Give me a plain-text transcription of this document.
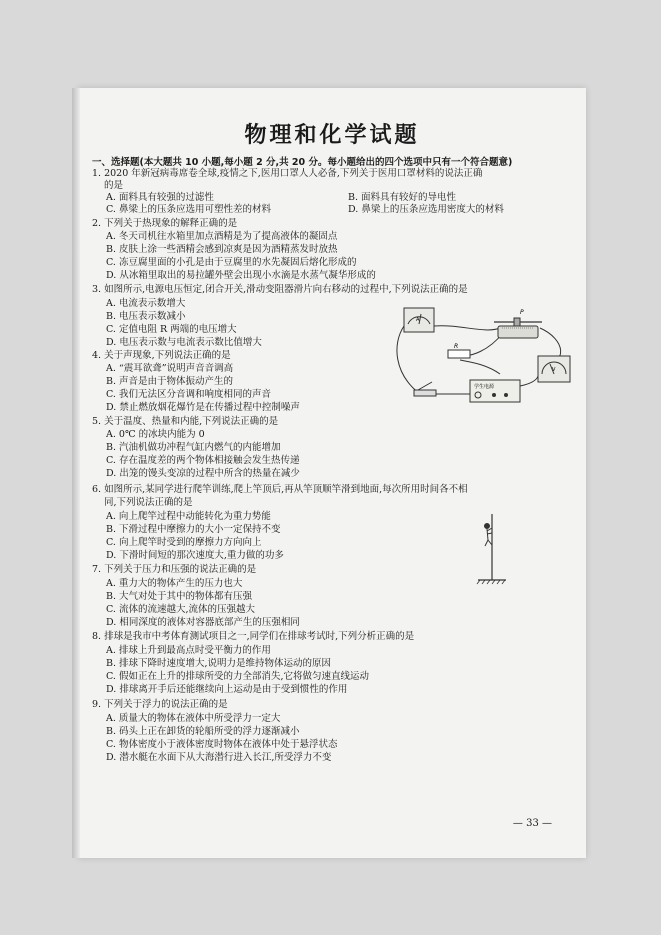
物理和化学试题
一、选择题(本大题共 10 小题,每小题 2 分,共 20 分。每小题给出的四个选项中只有一个符合题意)
1. 2020 年新冠病毒席卷全球,疫情之下,医用口罩人人必备,下列关于医用口罩材料的说法正确
的是
A. 面料具有较强的过滤性	B. 面料具有较好的导电性
C. 鼻梁上的压条应选用可塑性差的材料	D. 鼻梁上的压条应选用密度大的材料
2. 下列关于热现象的解释正确的是
A. 冬天司机往水箱里加点酒精是为了提高液体的凝固点
B. 皮肤上涂一些酒精会感到凉爽是因为酒精蒸发时放热
C. 冻豆腐里面的小孔是由于豆腐里的水先凝固后熔化形成的
D. 从冰箱里取出的易拉罐外壁会出现小水滴是水蒸气凝华形成的
3. 如图所示,电源电压恒定,闭合开关,滑动变阻器滑片向右移动的过程中,下列说法正确的是
A. 电流表示数增大
B. 电压表示数减小
C. 定值电阻 R 两端的电压增大
D. 电压表示数与电流表示数比值增大
4. 关于声现象,下列说法正确的是
A. “震耳欲聋”说明声音音调高
B. 声音是由于物体振动产生的
C. 我们无法区分音调和响度相同的声音
D. 禁止燃放烟花爆竹是在传播过程中控制噪声
5. 关于温度、热量和内能,下列说法正确的是
A. 0℃ 的冰块内能为 0
B. 汽油机做功冲程气缸内燃气的内能增加
C. 存在温度差的两个物体相接触会发生热传递
D. 出笼的馒头变凉的过程中所含的热量在减少
6. 如图所示,某同学进行爬竿训练,爬上竿顶后,再从竿顶顺竿滑到地面,每次所用时间各不相
同,下列说法正确的是
A. 向上爬竿过程中动能转化为重力势能
B. 下滑过程中摩擦力的大小一定保持不变
C. 向上爬竿时受到的摩擦力方向向上
D. 下滑时间短的那次速度大,重力做的功多
7. 下列关于压力和压强的说法正确的是
A. 重力大的物体产生的压力也大
B. 大气对处于其中的物体都有压强
C. 流体的流速越大,流体的压强越大
D. 相同深度的液体对容器底部产生的压强相同
8. 排球是我市中考体育测试项目之一,同学们在排球考试时,下列分析正确的是
A. 排球上升到最高点时受平衡力的作用
B. 排球下降时速度增大,说明力是维持物体运动的原因
C. 假如正在上升的排球所受的力全部消失,它将做匀速直线运动
D. 排球离开手后还能继续向上运动是由于受到惯性的作用
9. 下列关于浮力的说法正确的是
A. 质量大的物体在液体中所受浮力一定大
B. 码头上正在卸货的轮船所受的浮力逐渐减小
C. 物体密度小于液体密度时物体在液体中处于悬浮状态
D. 潜水艇在水面下从大海潜行进入长江,所受浮力不变
A
P
R
V
学生电源
— 33 —
